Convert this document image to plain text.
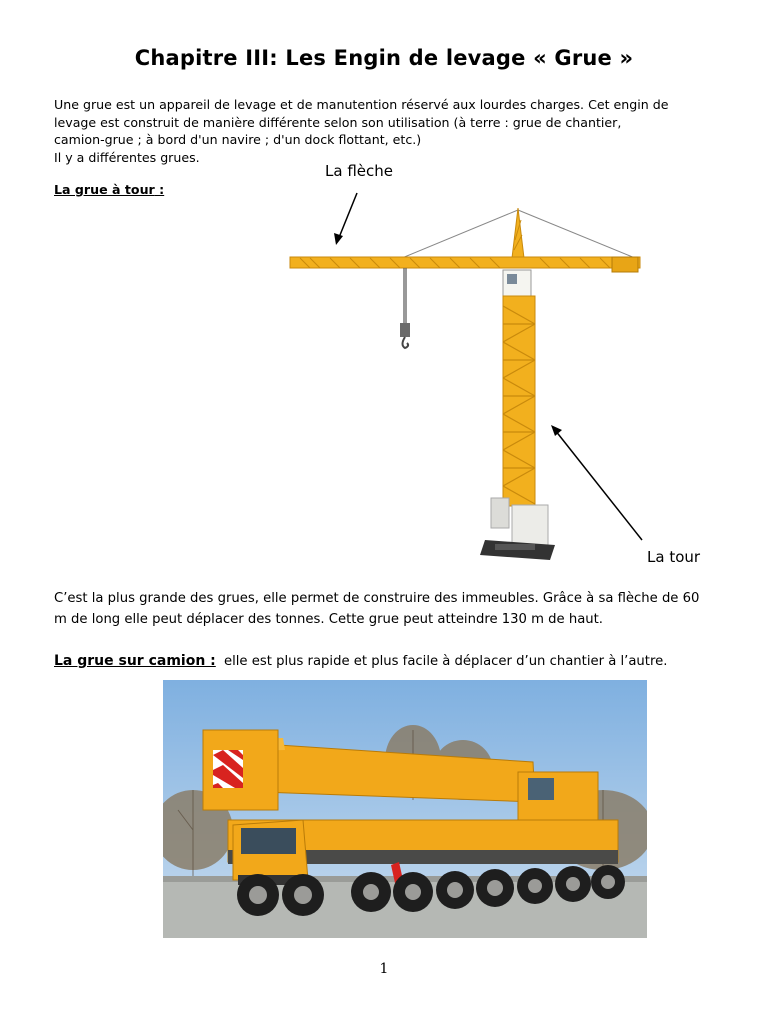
Chapitre III: Les Engin de levage « Grue »
Une grue est un appareil de levage et de manutention réservé aux lourdes charges. Cet engin de
levage est construit de manière différente selon son utilisation (à terre : grue de chantier,
camion-grue ; à bord d'un navire ; d'un dock flottant, etc.)
Il y a différentes grues.
La grue à tour :
La flèche
La tour
C’est la plus grande des grues, elle permet de construire des immeubles. Grâce à sa flèche de 60
m de long elle peut déplacer des tonnes. Cette grue peut atteindre 130 m de haut.
La grue sur camion : elle est plus rapide et plus facile à déplacer d’un chantier à l’autre.
1
